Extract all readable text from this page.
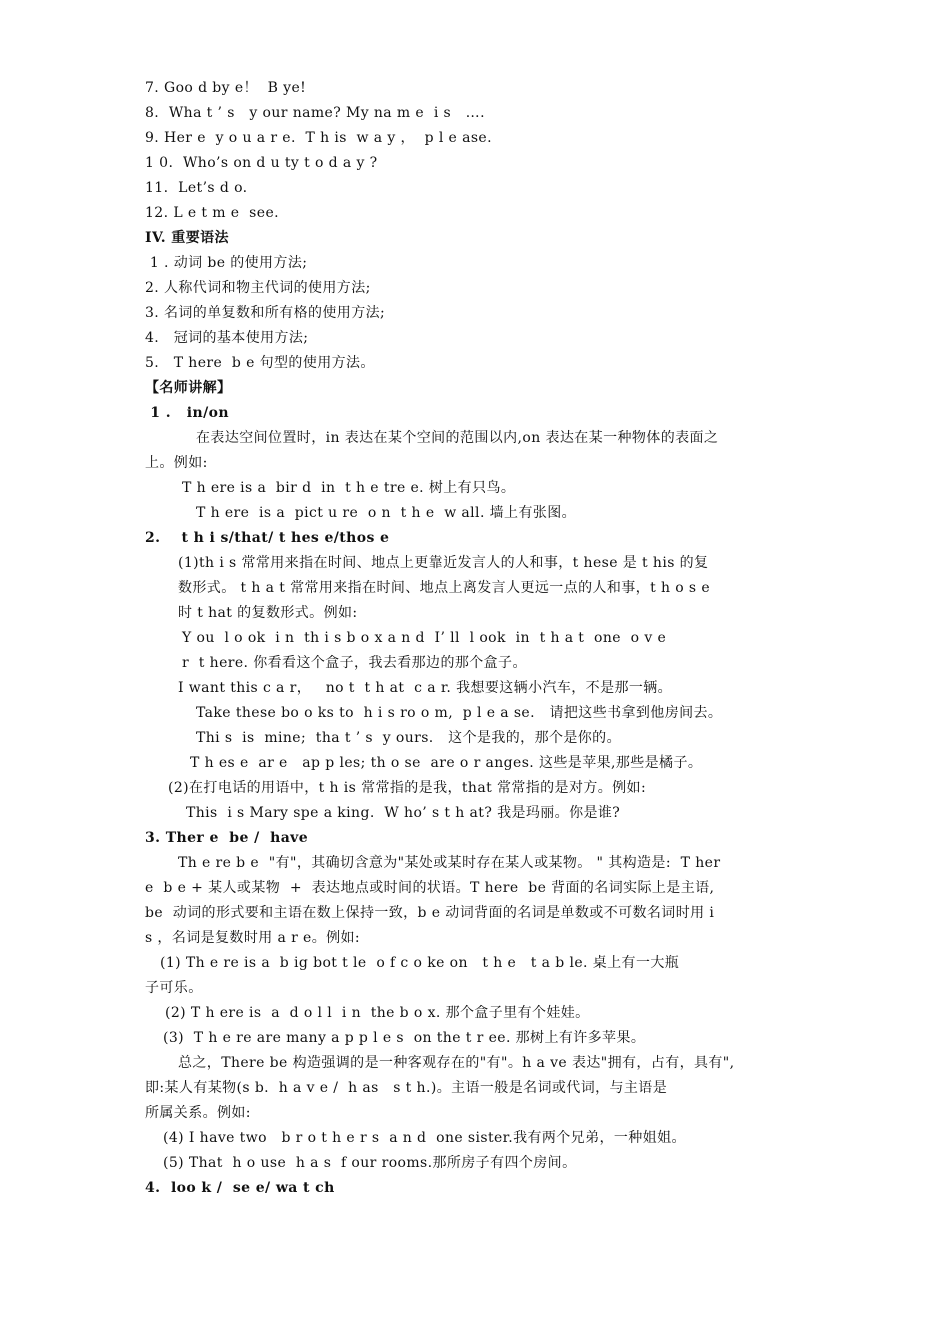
7. Goo d by e！  B ye!
8.  Wha t ’ s   y our name? My na m e  i s   ….
9. Her e  y o u a r e.  T h is  w a y ，  p l e ase.
1 0.  Who’s on d u ty t o d a y ?
11.  Let’s d o.
12. L e t m e  see.
IV. 重要语法
1 . 动词 be 的使用方法;
2. 人称代词和物主代词的使用方法;
3. 名词的单复数和所有格的使用方法;
4.   冠词的基本使用方法;
5.   T here  b e 句型的使用方法。
【名师讲解】
1 .   in/on
在表达空间位置时，in 表达在某个空间的范围以内,on 表达在某一种物体的表面之
上。例如:
T h ere is a  bir d  in  t h e tre e. 树上有只鸟。
T h ere  is a  pict u re  o n  t h e  w all. 墙上有张图。
2.    t h i s/that/ t hes e/thos e
(1)th i s 常常用来指在时间、地点上更靠近发言人的人和事，t hese 是 t his 的复
数形式。 t h a t 常常用来指在时间、地点上离发言人更远一点的人和事，t h o s e
时 t hat 的复数形式。例如:
Y ou  l o ok  i n  th i s b o x a n d  I’ ll  l ook  in  t h a t  one  o v e
r  t here. 你看看这个盒子，我去看那边的那个盒子。
I want this c a r，   no t  t h at  c a r. 我想要这辆小汽车，不是那一辆。
Take these bo o ks to  h i s ro o m,  p l e a se.   请把这些书拿到他房间去。
Thi s  is  mine;  tha t ’ s  y ours.   这个是我的，那个是你的。
T h es e  ar e   ap p les; th o se  are o r anges. 这些是苹果,那些是橘子。
(2)在打电话的用语中，t h is 常常指的是我，that 常常指的是对方。例如:
This  i s Mary spe a king.  W ho’ s t h at? 我是玛丽。你是谁?
3. Ther e  be /  have
Th e re b e  "有"，其确切含意为"某处或某时存在某人或某物。 " 其构造是:  T her
e  b e + 某人或某物  +  表达地点或时间的状语。T here  be 背面的名词实际上是主语,
be  动词的形式要和主语在数上保持一致，b e 动词背面的名词是单数或不可数名词时用 i
s ，名词是复数时用 a r e。例如:
(1) Th e re is a  b ig bot t le  o f c o ke on   t h e   t a b le. 桌上有一大瓶
子可乐。
(2) T h ere is  a  d o l l  i n  the b o x. 那个盒子里有个娃娃。
(3)  T h e re are many a p p l e s  on the t r ee. 那树上有许多苹果。
总之，There be 构造强调的是一种客观存在的"有"。h a ve 表达"拥有，占有，具有",
即:某人有某物(s b.  h a v e /  h as   s t h.)。主语一般是名词或代词，与主语是
所属关系。例如:
(4) I have two   b r o t h e r s  a n d  one sister.我有两个兄弟，一种姐姐。
(5) That  h o use  h a s  f our rooms.那所房子有四个房间。
4.  loo k /  se e/ wa t ch
